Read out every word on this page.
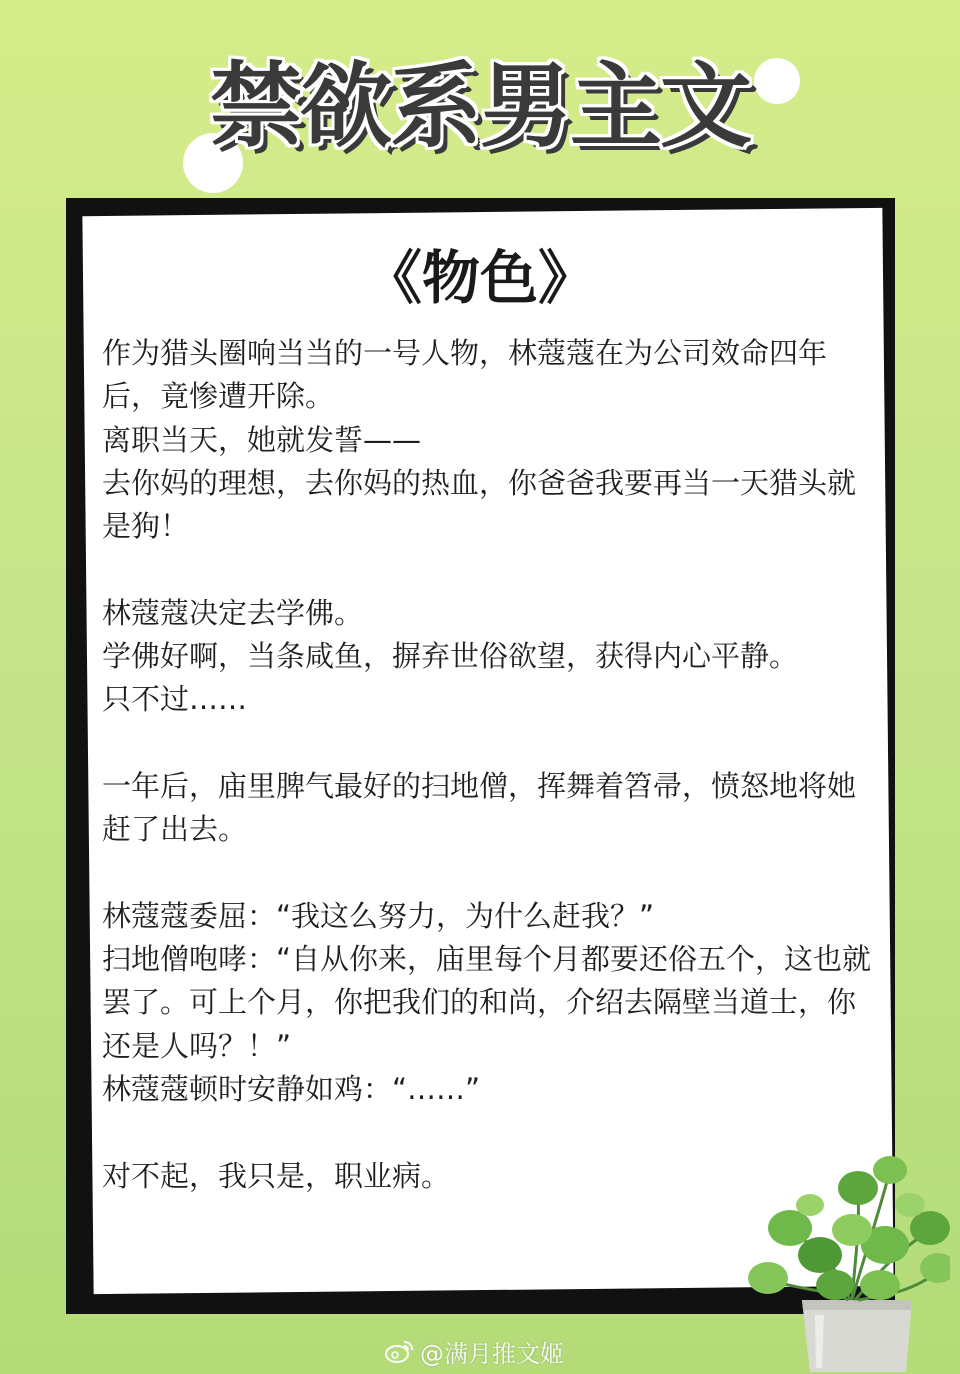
禁欲系男主文
《物色》

作为猎头圈响当当的一号人物，林蔻蔻在为公司效命四年后，竟惨遭开除。

离职当天，她就发誓——

去你妈的理想，去你妈的热血，你爸爸我要再当一天猎头就是狗！

林蔻蔻决定去学佛。

学佛好啊，当条咸鱼，摒弃世俗欲望，获得内心平静。

只不过……

一年后，庙里脾气最好的扫地僧，挥舞着笤帚，愤怒地将她赶了出去。

林蔻蔻委屈：“我这么努力，为什么赶我？”

扫地僧咆哮：“自从你来，庙里每个月都要还俗五个，这也就罢了。可上个月，你把我们的和尚，介绍去隔壁当道士，你还是人吗？！”

林蔻蔻顿时安静如鸡：“……”

对不起，我只是，职业病。

@满月推文姬
